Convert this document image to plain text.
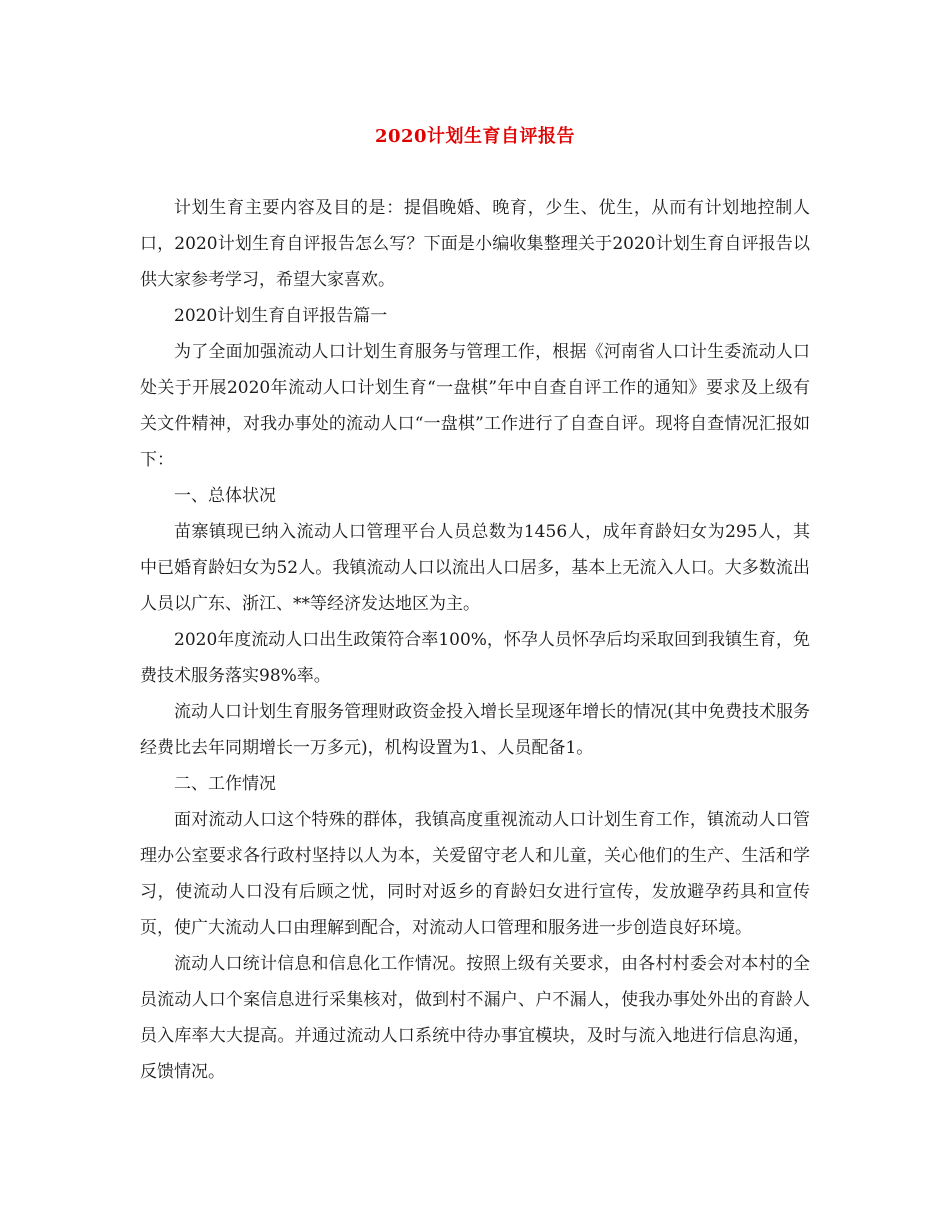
2020计划生育自评报告

计划生育主要内容及目的是：提倡晚婚、晚育，少生、优生，从而有计划地控制人口，2020计划生育自评报告怎么写？下面是小编收集整理关于2020计划生育自评报告以供大家参考学习，希望大家喜欢。

2020计划生育自评报告篇一

为了全面加强流动人口计划生育服务与管理工作，根据《河南省人口计生委流动人口处关于开展2020年流动人口计划生育“一盘棋”年中自查自评工作的通知》要求及上级有关文件精神，对我办事处的流动人口“一盘棋”工作进行了自查自评。现将自查情况汇报如下：

一、总体状况

苗寨镇现已纳入流动人口管理平台人员总数为1456人，成年育龄妇女为295人，其中已婚育龄妇女为52人。我镇流动人口以流出人口居多，基本上无流入人口。大多数流出人员以广东、浙江、**等经济发达地区为主。

2020年度流动人口出生政策符合率100%，怀孕人员怀孕后均采取回到我镇生育，免费技术服务落实98%率。

流动人口计划生育服务管理财政资金投入增长呈现逐年增长的情况(其中免费技术服务经费比去年同期增长一万多元)，机构设置为1、人员配备1。

二、工作情况

面对流动人口这个特殊的群体，我镇高度重视流动人口计划生育工作，镇流动人口管理办公室要求各行政村坚持以人为本，关爱留守老人和儿童，关心他们的生产、生活和学习，使流动人口没有后顾之忧，同时对返乡的育龄妇女进行宣传，发放避孕药具和宣传页，使广大流动人口由理解到配合，对流动人口管理和服务进一步创造良好环境。

流动人口统计信息和信息化工作情况。按照上级有关要求，由各村村委会对本村的全员流动人口个案信息进行采集核对，做到村不漏户、户不漏人，使我办事处外出的育龄人员入库率大大提高。并通过流动人口系统中待办事宜模块，及时与流入地进行信息沟通，反馈情况。
